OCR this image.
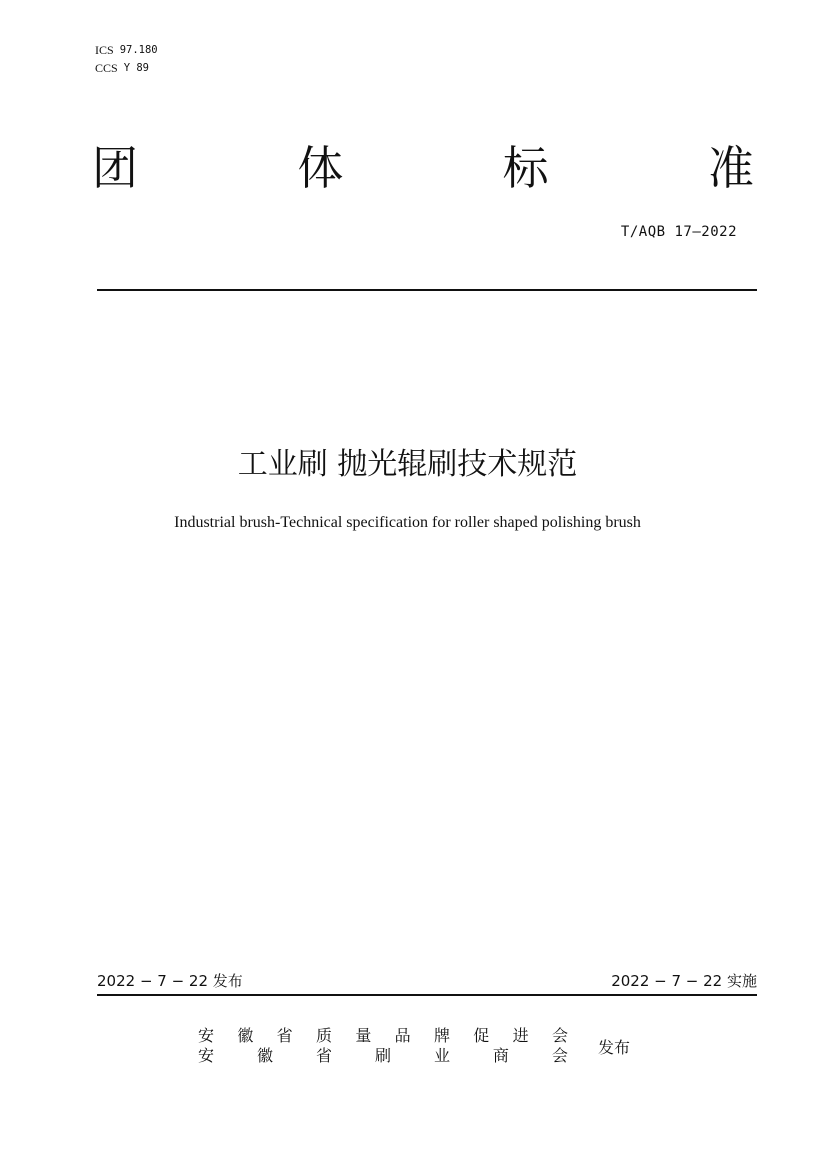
ICS 97.180
CCS Y 89
团	体	标	准
T/AQB 17—2022
工业刷 抛光辊刷技术规范
Industrial brush-Technical specification for roller shaped polishing brush
2022 − 7 − 22 发布	2022 − 7 − 22 实施
安 徽 省 质 量 品 牌 促 进 会
安	徽	省	刷	业	商	会 发布
